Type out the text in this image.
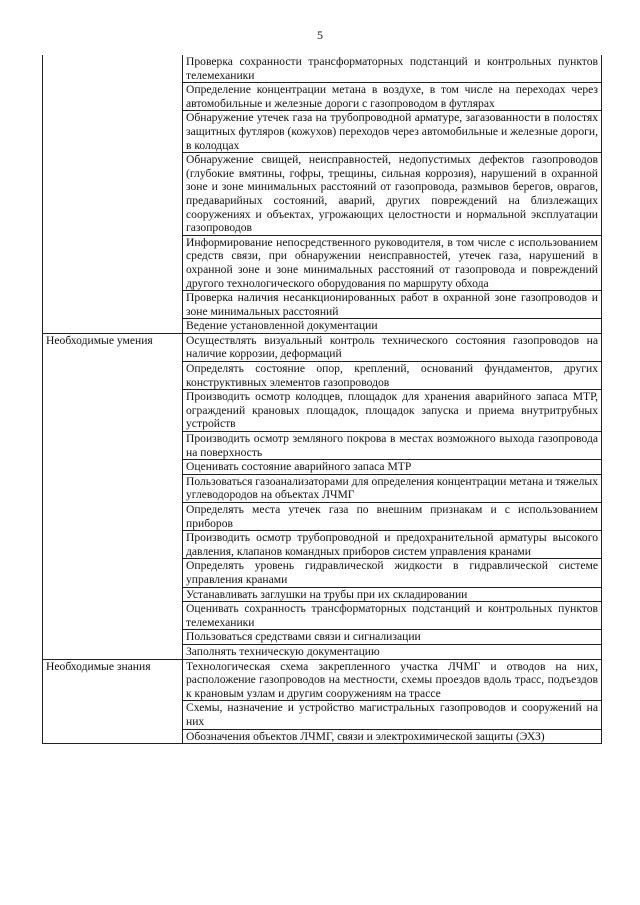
5
	Проверка сохранности трансформаторных подстанций и контрольных пунктов телемеханики
	Определение концентрации метана в воздухе, в том числе на переходах через автомобильные и железные дороги с газопроводом в футлярах
	Обнаружение утечек газа на трубопроводной арматуре, загазованности в полостях защитных футляров (кожухов) переходов через автомобильные и железные дороги, в колодцах
	Обнаружение свищей, неисправностей, недопустимых дефектов газопроводов (глубокие вмятины, гофры, трещины, сильная коррозия), нарушений в охранной зоне и зоне минимальных расстояний от газопровода, размывов берегов, оврагов, предаварийных состояний, аварий, других повреждений на близлежащих сооружениях и объектах, угрожающих целостности и нормальной эксплуатации газопроводов
	Информирование непосредственного руководителя, в том числе с использованием средств связи, при обнаружении неисправностей, утечек газа, нарушений в охранной зоне и зоне минимальных расстояний от газопровода и повреждений другого технологического оборудования по маршруту обхода
	Проверка наличия несанкционированных работ в охранной зоне газопроводов и зоне минимальных расстояний
	Ведение установленной документации
Необходимые умения	Осуществлять визуальный контроль технического состояния газопроводов на наличие коррозии, деформаций
	Определять состояние опор, креплений, оснований фундаментов, других конструктивных элементов газопроводов
	Производить осмотр колодцев, площадок для хранения аварийного запаса МТР, ограждений крановых площадок, площадок запуска и приема внутритрубных устройств
	Производить осмотр земляного покрова в местах возможного выхода газопровода на поверхность
	Оценивать состояние аварийного запаса МТР
	Пользоваться газоанализаторами для определения концентрации метана и тяжелых углеводородов на объектах ЛЧМГ
	Определять места утечек газа по внешним признакам и с использованием приборов
	Производить осмотр трубопроводной и предохранительной арматуры высокого давления, клапанов командных приборов систем управления кранами
	Определять уровень гидравлической жидкости в гидравлической системе управления кранами
	Устанавливать заглушки на трубы при их складировании
	Оценивать сохранность трансформаторных подстанций и контрольных пунктов телемеханики
	Пользоваться средствами связи и сигнализации
	Заполнять техническую документацию
Необходимые знания	Технологическая схема закрепленного участка ЛЧМГ и отводов на них, расположение газопроводов на местности, схемы проездов вдоль трасс, подъездов к крановым узлам и другим сооружениям на трассе
	Схемы, назначение и устройство магистральных газопроводов и сооружений на них
	Обозначения объектов ЛЧМГ, связи и электрохимической защиты (ЭХЗ)
